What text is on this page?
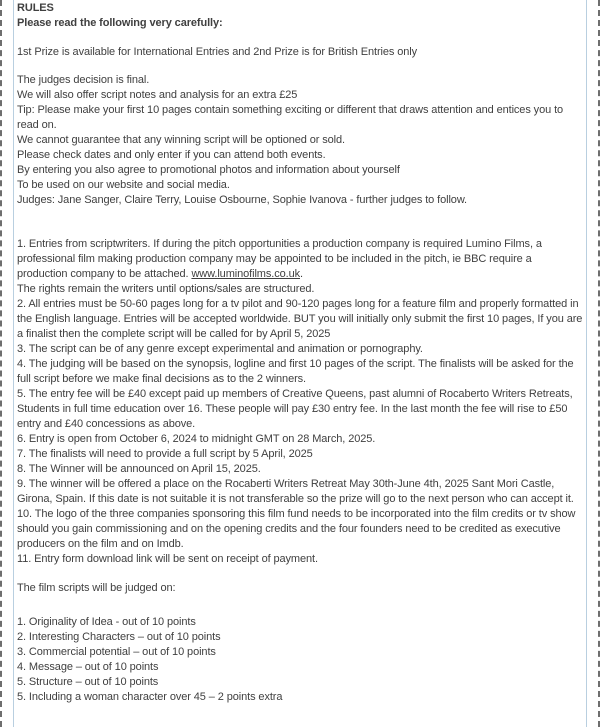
RULES

Please read the following very carefully:

1st Prize is available for International Entries and 2nd Prize is for British Entries only

The judges decision is final.

We will also offer script notes and analysis for an extra £25

Tip: Please make your first 10 pages contain something exciting or different that draws attention and entices you to read on.

We cannot guarantee that any winning script will be optioned or sold.

Please check dates and only enter if you can attend both events.

By entering you also agree to promotional photos and information about yourself

To be used on our website and social media.

Judges: Jane Sanger, Claire Terry, Louise Osbourne, Sophie Ivanova - further judges to follow.

1. Entries from scriptwriters. If during the pitch opportunities a production company is required Lumino Films, a professional film making production company may be appointed to be included in the pitch, ie BBC require a production company to be attached. www.luminofilms.co.uk.

The rights remain the writers until options/sales are structured.

2. All entries must be 50-60 pages long for a tv pilot and 90-120 pages long for a feature film and properly formatted in the English language. Entries will be accepted worldwide. BUT you will initially only submit the first 10 pages, If you are a finalist then the complete script will be called for by April 5, 2025

3. The script can be of any genre except experimental and animation or pornography.

4. The judging will be based on the synopsis, logline and first 10 pages of the script. The finalists will be asked for the full script before we make final decisions as to the 2 winners.

5. The entry fee will be £40 except paid up members of Creative Queens, past alumni of Rocaberto Writers Retreats, Students in full time education over 16. These people will pay £30 entry fee. In the last month the fee will rise to £50 entry and £40 concessions as above.

6. Entry is open from October 6, 2024 to midnight GMT on 28 March, 2025.

7. The finalists will need to provide a full script by 5 April, 2025

8. The Winner will be announced on April 15, 2025.

9. The winner will be offered a place on the Rocaberti Writers Retreat May 30th-June 4th, 2025 Sant Mori Castle, Girona, Spain. If this date is not suitable it is not transferable so the prize will go to the next person who can accept it.

10. The logo of the three companies sponsoring this film fund needs to be incorporated into the film credits or tv show should you gain commissioning and on the opening credits and the four founders need to be credited as executive producers on the film and on Imdb.

11. Entry form download link will be sent on receipt of payment.

The film scripts will be judged on:

1. Originality of Idea - out of 10 points

2. Interesting Characters – out of 10 points

3. Commercial potential – out of 10 points

4. Message – out of 10 points

5. Structure – out of 10 points

5. Including a woman character over 45 – 2 points extra
